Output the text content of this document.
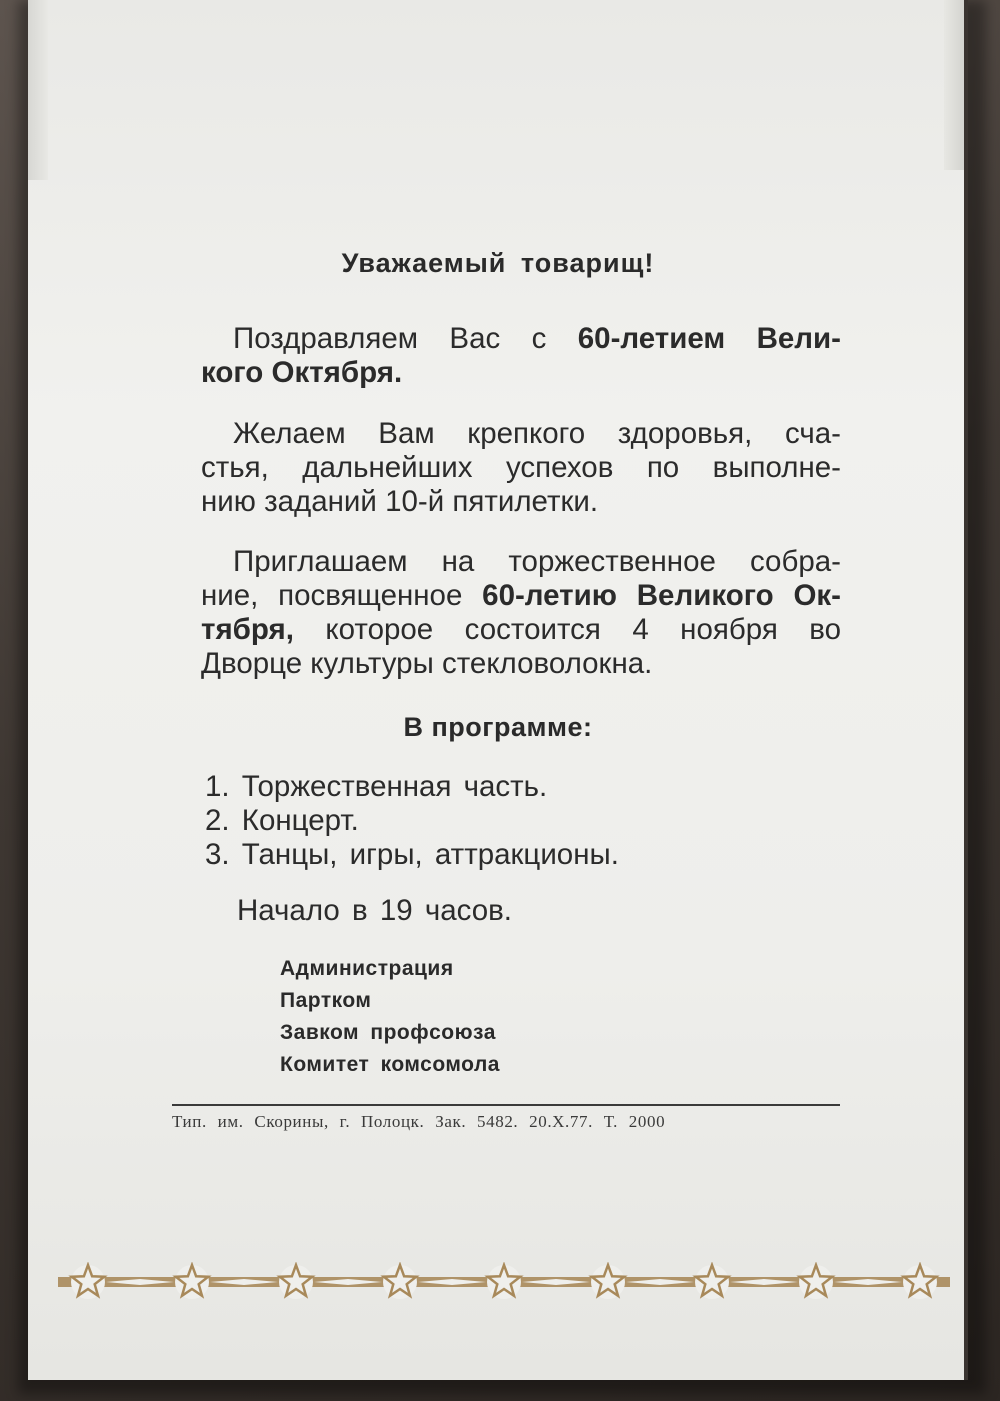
Уважаемый товарищ!
Поздравляем Вас с 60-летием Вели-
кого Октября.
Желаем Вам крепкого здоровья, сча-
стья, дальнейших успехов по выполне-
нию заданий 10-й пятилетки.
Приглашаем на торжественное собра-
ние, посвященное 60-летию Великого Ок-
тября, которое состоится 4 ноября во
Дворце культуры стекловолокна.
В программе:
1. Торжественная часть.
2. Концерт.
3. Танцы, игры, аттракционы.
Начало в 19 часов.
Администрация
Партком
Завком профсоюза
Комитет комсомола
Тип. им. Скорины, г. Полоцк. Зак. 5482. 20.X.77. Т. 2000
